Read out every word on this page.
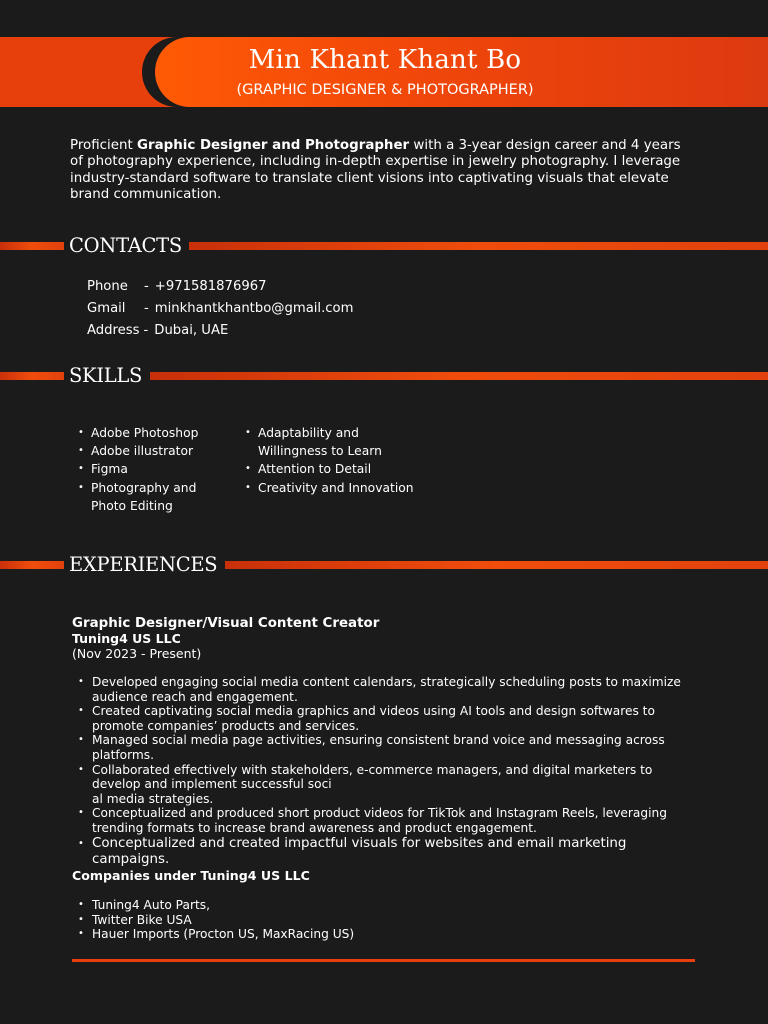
Min Khant Khant Bo
(GRAPHIC DESIGNER & PHOTOGRAPHER)
Proficient Graphic Designer and Photographer with a 3-year design career and 4 years of photography experience, including in-depth expertise in jewelry photography. I leverage industry-standard software to translate client visions into captivating visuals that elevate brand communication.
CONTACTS
Phone	- +971581876967
Gmail	- minkhantkhantbo@gmail.com
Address - Dubai, UAE
SKILLS
• Adobe Photoshop
• Adobe illustrator
• Figma
• Photography and
Photo Editing
• Adaptability and
Willingness to Learn
• Attention to Detail
• Creativity and Innovation
EXPERIENCES
Graphic Designer/Visual Content Creator
Tuning4 US LLC
(Nov 2023 - Present)
• Developed engaging social media content calendars, strategically scheduling posts to maximize audience reach and engagement.
• Created captivating social media graphics and videos using AI tools and design softwares to promote companies’ products and services.
• Managed social media page activities, ensuring consistent brand voice and messaging across platforms.
• Collaborated effectively with stakeholders, e-commerce managers, and digital marketers to develop and implement successful soci
al media strategies.
• Conceptualized and produced short product videos for TikTok and Instagram Reels, leveraging trending formats to increase brand awareness and product engagement.
• Conceptualized and created impactful visuals for websites and email marketing campaigns.
Companies under Tuning4 US LLC
• Tuning4 Auto Parts,
• Twitter Bike USA
• Hauer Imports (Procton US, MaxRacing US)
